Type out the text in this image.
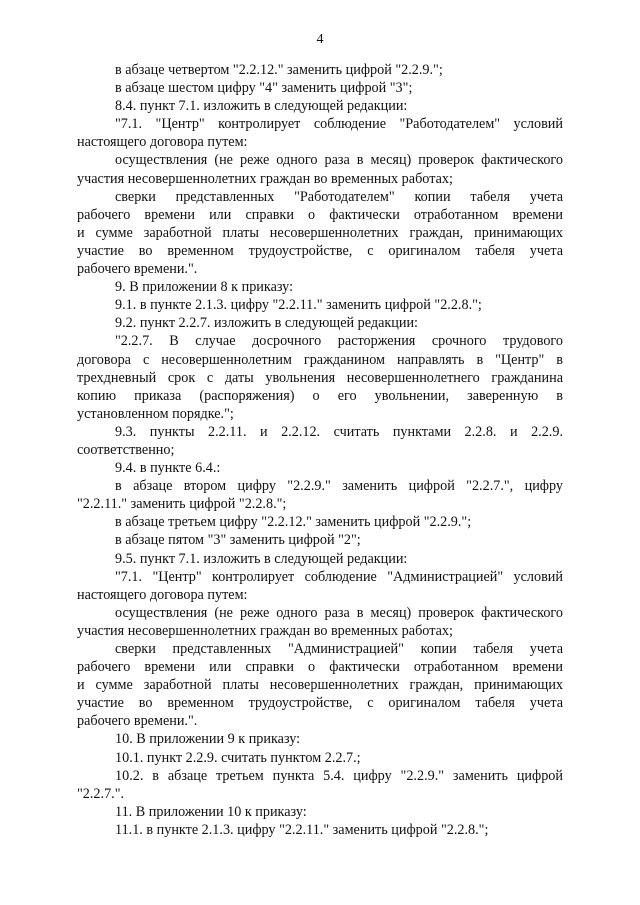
4
в абзаце четвертом "2.2.12." заменить цифрой "2.2.9.";
в абзаце шестом цифру "4" заменить цифрой "3";
8.4. пункт 7.1. изложить в следующей редакции:
"7.1. "Центр" контролирует соблюдение "Работодателем" условий
настоящего договора путем:
осуществления (не реже одного раза в месяц) проверок фактического
участия несовершеннолетних граждан во временных работах;
сверки представленных "Работодателем" копии табеля учета
рабочего времени или справки о фактически отработанном времени
и сумме заработной платы несовершеннолетних граждан, принимающих
участие во временном трудоустройстве, с оригиналом табеля учета
рабочего времени.".
9. В приложении 8 к приказу:
9.1. в пункте 2.1.3. цифру "2.2.11." заменить цифрой "2.2.8.";
9.2. пункт 2.2.7. изложить в следующей редакции:
"2.2.7. В случае досрочного расторжения срочного трудового
договора с несовершеннолетним гражданином направлять в "Центр" в
трехдневный срок с даты увольнения несовершеннолетнего гражданина
копию приказа (распоряжения) о его увольнении, заверенную в
установленном порядке.";
9.3. пункты 2.2.11. и 2.2.12. считать пунктами 2.2.8. и 2.2.9.
соответственно;
9.4. в пункте 6.4.:
в абзаце втором цифру "2.2.9." заменить цифрой "2.2.7.", цифру
"2.2.11." заменить цифрой "2.2.8.";
в абзаце третьем цифру "2.2.12." заменить цифрой "2.2.9.";
в абзаце пятом "3" заменить цифрой "2";
9.5. пункт 7.1. изложить в следующей редакции:
"7.1. "Центр" контролирует соблюдение "Администрацией" условий
настоящего договора путем:
осуществления (не реже одного раза в месяц) проверок фактического
участия несовершеннолетних граждан во временных работах;
сверки представленных "Администрацией" копии табеля учета
рабочего времени или справки о фактически отработанном времени
и сумме заработной платы несовершеннолетних граждан, принимающих
участие во временном трудоустройстве, с оригиналом табеля учета
рабочего времени.".
10. В приложении 9 к приказу:
10.1. пункт 2.2.9. считать пунктом 2.2.7.;
10.2. в абзаце третьем пункта 5.4. цифру "2.2.9." заменить цифрой
"2.2.7.".
11. В приложении 10 к приказу:
11.1. в пункте 2.1.3. цифру "2.2.11." заменить цифрой "2.2.8.";
